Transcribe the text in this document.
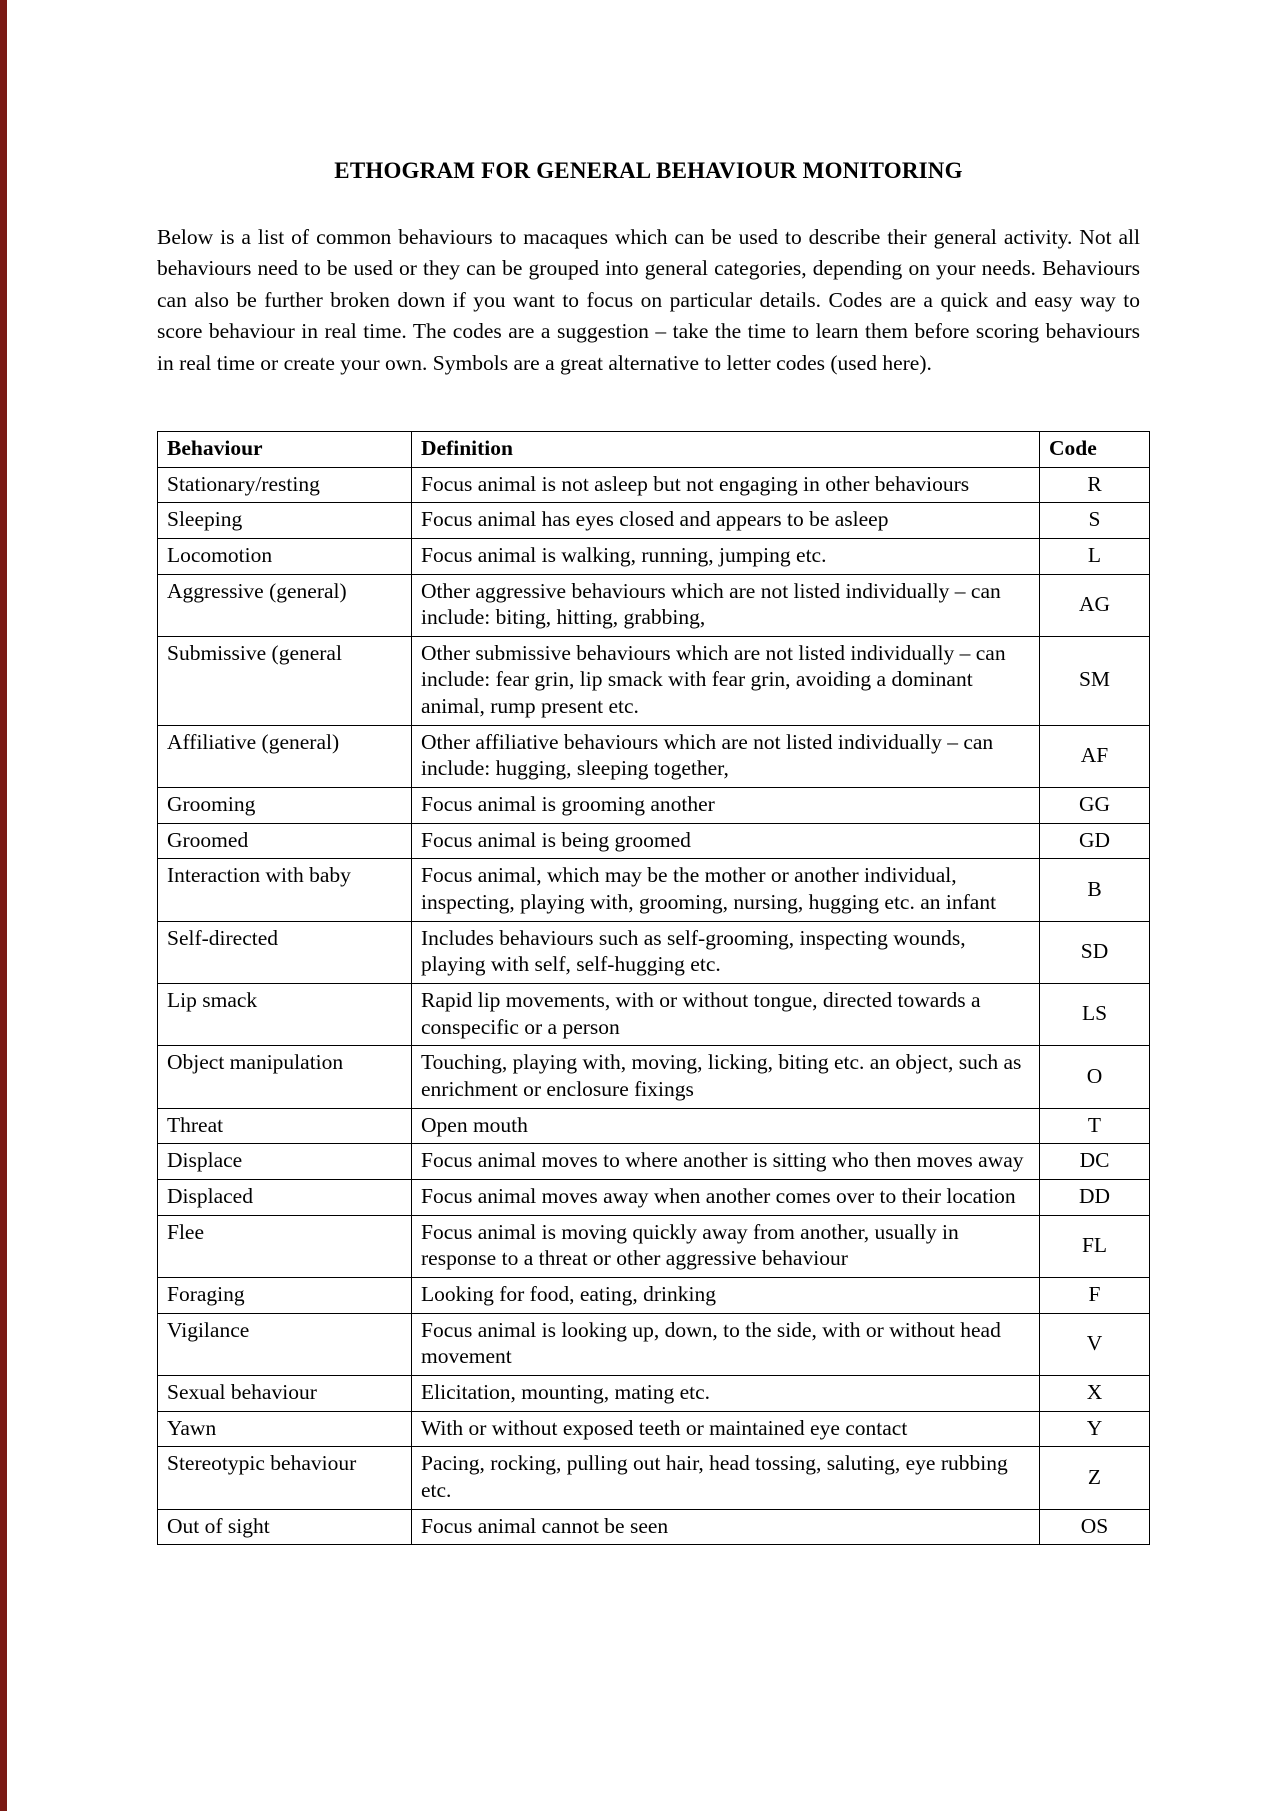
ETHOGRAM FOR GENERAL BEHAVIOUR MONITORING

Below is a list of common behaviours to macaques which can be used to describe their general activity. Not all behaviours need to be used or they can be grouped into general categories, depending on your needs. Behaviours can also be further broken down if you want to focus on particular details. Codes are a quick and easy way to score behaviour in real time. The codes are a suggestion – take the time to learn them before scoring behaviours in real time or create your own. Symbols are a great alternative to letter codes (used here).

Behaviour	Definition	Code
Stationary/resting	Focus animal is not asleep but not engaging in other behaviours	R
Sleeping	Focus animal has eyes closed and appears to be asleep	S
Locomotion	Focus animal is walking, running, jumping etc.	L
Aggressive (general)	Other aggressive behaviours which are not listed individually – can include: biting, hitting, grabbing,	AG
Submissive (general	Other submissive behaviours which are not listed individually – can include: fear grin, lip smack with fear grin, avoiding a dominant animal, rump present etc.	SM
Affiliative (general)	Other affiliative behaviours which are not listed individually – can include: hugging, sleeping together,	AF
Grooming	Focus animal is grooming another	GG
Groomed	Focus animal is being groomed	GD
Interaction with baby	Focus animal, which may be the mother or another individual, inspecting, playing with, grooming, nursing, hugging etc. an infant	B
Self-directed	Includes behaviours such as self-grooming, inspecting wounds, playing with self, self-hugging etc.	SD
Lip smack	Rapid lip movements, with or without tongue, directed towards a conspecific or a person	LS
Object manipulation	Touching, playing with, moving, licking, biting etc. an object, such as enrichment or enclosure fixings	O
Threat	Open mouth	T
Displace	Focus animal moves to where another is sitting who then moves away	DC
Displaced	Focus animal moves away when another comes over to their location	DD
Flee	Focus animal is moving quickly away from another, usually in response to a threat or other aggressive behaviour	FL
Foraging	Looking for food, eating, drinking	F
Vigilance	Focus animal is looking up, down, to the side, with or without head movement	V
Sexual behaviour	Elicitation, mounting, mating etc.	X
Yawn	With or without exposed teeth or maintained eye contact	Y
Stereotypic behaviour	Pacing, rocking, pulling out hair, head tossing, saluting, eye rubbing etc.	Z
Out of sight	Focus animal cannot be seen	OS
